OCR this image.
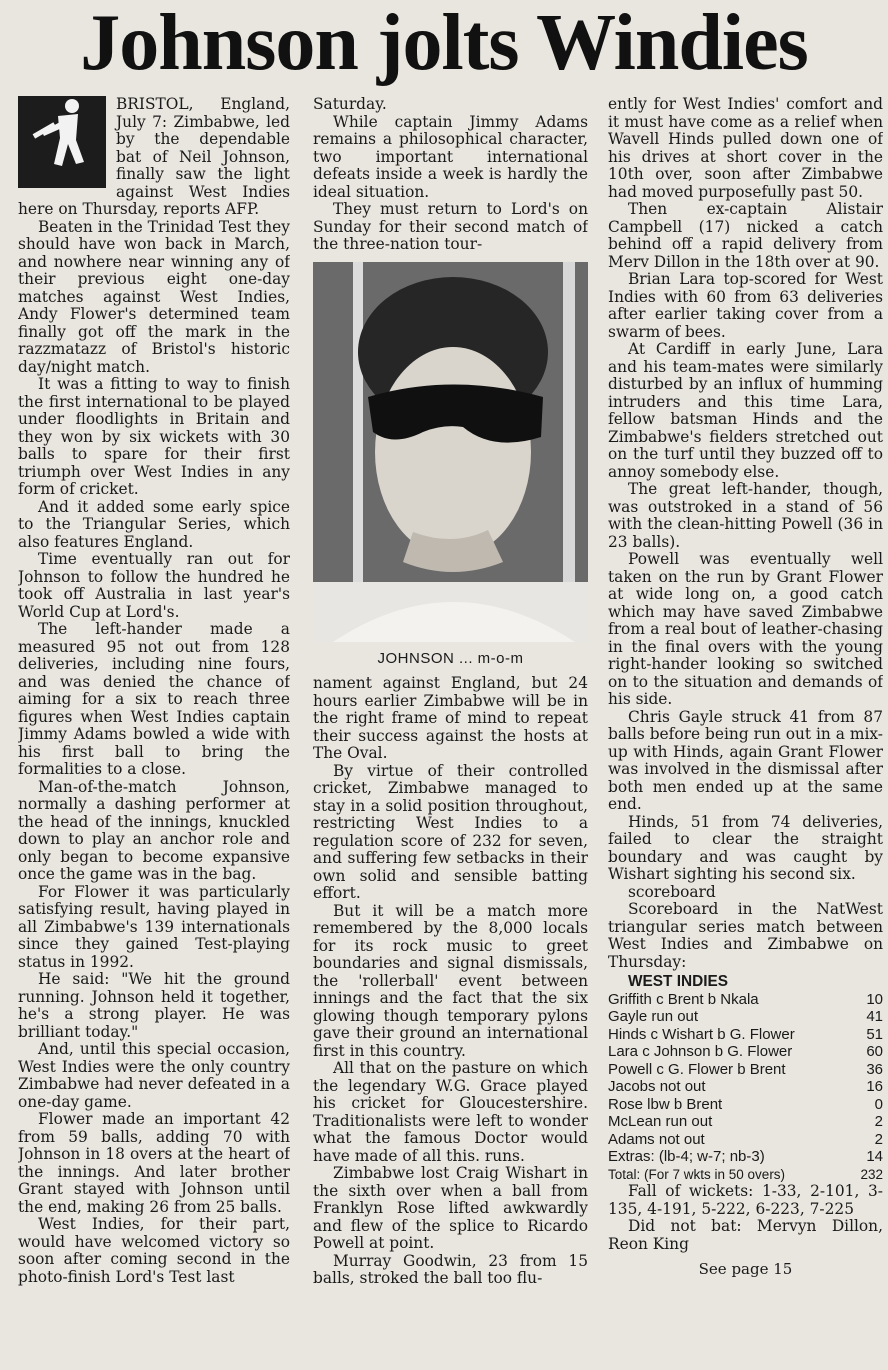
Johnson jolts Windies

BRISTOL, England, July 7: Zimbabwe, led by the dependable bat of Neil Johnson, finally saw the light against West Indies here on Thursday, reports AFP.

Beaten in the Trinidad Test they should have won back in March, and nowhere near winning any of their previous eight one-day matches against West Indies, Andy Flower's determined team finally got off the mark in the razzmatazz of Bristol's historic day/night match.

It was a fitting to way to finish the first international to be played under floodlights in Britain and they won by six wickets with 30 balls to spare for their first triumph over West Indies in any form of cricket.

And it added some early spice to the Triangular Series, which also features England.

Time eventually ran out for Johnson to follow the hundred he took off Australia in last year's World Cup at Lord's.

The left-hander made a measured 95 not out from 128 deliveries, including nine fours, and was denied the chance of aiming for a six to reach three figures when West Indies captain Jimmy Adams bowled a wide with his first ball to bring the formalities to a close.

Man-of-the-match Johnson, normally a dashing performer at the head of the innings, knuckled down to play an anchor role and only began to become expansive once the game was in the bag.

For Flower it was particularly satisfying result, having played in all Zimbabwe's 139 internationals since they gained Test-playing status in 1992.

He said: "We hit the ground running. Johnson held it together, he's a strong player. He was brilliant today."

And, until this special occasion, West Indies were the only country Zimbabwe had never defeated in a one-day game.

Flower made an important 42 from 59 balls, adding 70 with Johnson in 18 overs at the heart of the innings. And later brother Grant stayed with Johnson until the end, making 26 from 25 balls.

West Indies, for their part, would have welcomed victory so soon after coming second in the photo-finish Lord's Test last

Saturday.

While captain Jimmy Adams remains a philosophical character, two important international defeats inside a week is hardly the ideal situation.

They must return to Lord's on Sunday for their second match of the three-nation tour-

JOHNSON ... m-o-m

nament against England, but 24 hours earlier Zimbabwe will be in the right frame of mind to repeat their success against the hosts at The Oval.

By virtue of their controlled cricket, Zimbabwe managed to stay in a solid position throughout, restricting West Indies to a regulation score of 232 for seven, and suffering few setbacks in their own solid and sensible batting effort.

But it will be a match more remembered by the 8,000 locals for its rock music to greet boundaries and signal dismissals, the 'rollerball' event between innings and the fact that the six glowing though temporary pylons gave their ground an international first in this country.

All that on the pasture on which the legendary W.G. Grace played his cricket for Gloucestershire. Traditionalists were left to wonder what the famous Doctor would have made of all this. runs.

Zimbabwe lost Craig Wishart in the sixth over when a ball from Franklyn Rose lifted awkwardly and flew of the splice to Ricardo Powell at point.

Murray Goodwin, 23 from 15 balls, stroked the ball too flu-

ently for West Indies' comfort and it must have come as a relief when Wavell Hinds pulled down one of his drives at short cover in the 10th over, soon after Zimbabwe had moved purposefully past 50.

Then ex-captain Alistair Campbell (17) nicked a catch behind off a rapid delivery from Merv Dillon in the 18th over at 90.

Brian Lara top-scored for West Indies with 60 from 63 deliveries after earlier taking cover from a swarm of bees.

At Cardiff in early June, Lara and his team-mates were similarly disturbed by an influx of humming intruders and this time Lara, fellow batsman Hinds and the Zimbabwe's fielders stretched out on the turf until they buzzed off to annoy somebody else.

The great left-hander, though, was outstroked in a stand of 56 with the clean-hitting Powell (36 in 23 balls).

Powell was eventually well taken on the run by Grant Flower at wide long on, a good catch which may have saved Zimbabwe from a real bout of leather-chasing in the final overs with the young right-hander looking so switched on to the situation and demands of his side.

Chris Gayle struck 41 from 87 balls before being run out in a mix-up with Hinds, again Grant Flower was involved in the dismissal after both men ended up at the same end.

Hinds, 51 from 74 deliveries, failed to clear the straight boundary and was caught by Wishart sighting his second six.

scoreboard

Scoreboard in the NatWest triangular series match between West Indies and Zimbabwe on Thursday:

WEST INDIES
Griffith c Brent b Nkala	10
Gayle run out	41
Hinds c Wishart b G. Flower	51
Lara c Johnson b G. Flower	60
Powell c G. Flower b Brent	36
Jacobs not out	16
Rose lbw b Brent	0
McLean run out	2
Adams not out	2
Extras: (lb-4; w-7; nb-3)	14
Total: (For 7 wkts in 50 overs)	232

Fall of wickets: 1-33, 2-101, 3-135, 4-191, 5-222, 6-223, 7-225

Did not bat: Mervyn Dillon, Reon King

See page 15
